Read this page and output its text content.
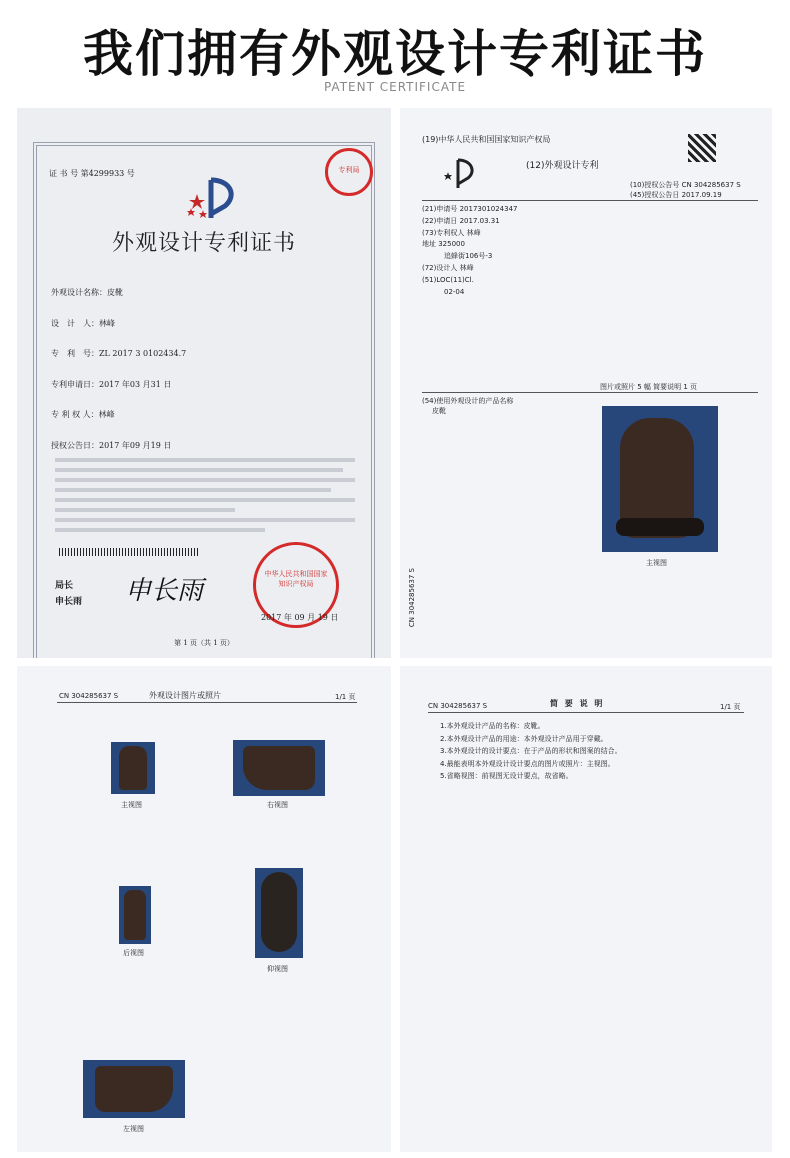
我们拥有外观设计专利证书
PATENT CERTIFICATE
证 书 号 第4299933 号	专利局
外观设计专利证书
外观设计名称：皮靴
设　计　人：林峰
专　利　号：ZL 2017 3 0102434.7
专利申请日：2017 年03 月31 日
专 利 权 人：林峰
授权公告日：2017 年09 月19 日
局长
申长雨 申长雨
中华人民共和国国家知识产权局
2017 年 09 月 19 日
第 1 页（共 1 页）
(19)中华人民共和国国家知识产权局
(12)外观设计专利
(10)授权公告号 CN 304285637 S
(45)授权公告日 2017.09.19
(21)申请号 2017301024347
(22)申请日 2017.03.31
(73)专利权人 林峰
地址 325000
追蜂街106号-3
(72)设计人 林峰
(51)LOC(11)Cl.
02-04
图片或照片 5 幅 简要说明 1 页
(54)使用外观设计的产品名称
皮靴
主视图
CN 304285637 S
CN 304285637 S	外观设计图片或照片	1/1 页
主视图	右视图
后视图
仰视图
左视图
CN 304285637 S	简 要 说 明	1/1 页
1.本外观设计产品的名称：皮靴。
2.本外观设计产品的用途：本外观设计产品用于穿戴。
3.本外观设计的设计要点：在于产品的形状和图案的结合。
4.最能表明本外观设计设计要点的图片或照片：主视图。
5.省略视图：前视图无设计要点，故省略。
